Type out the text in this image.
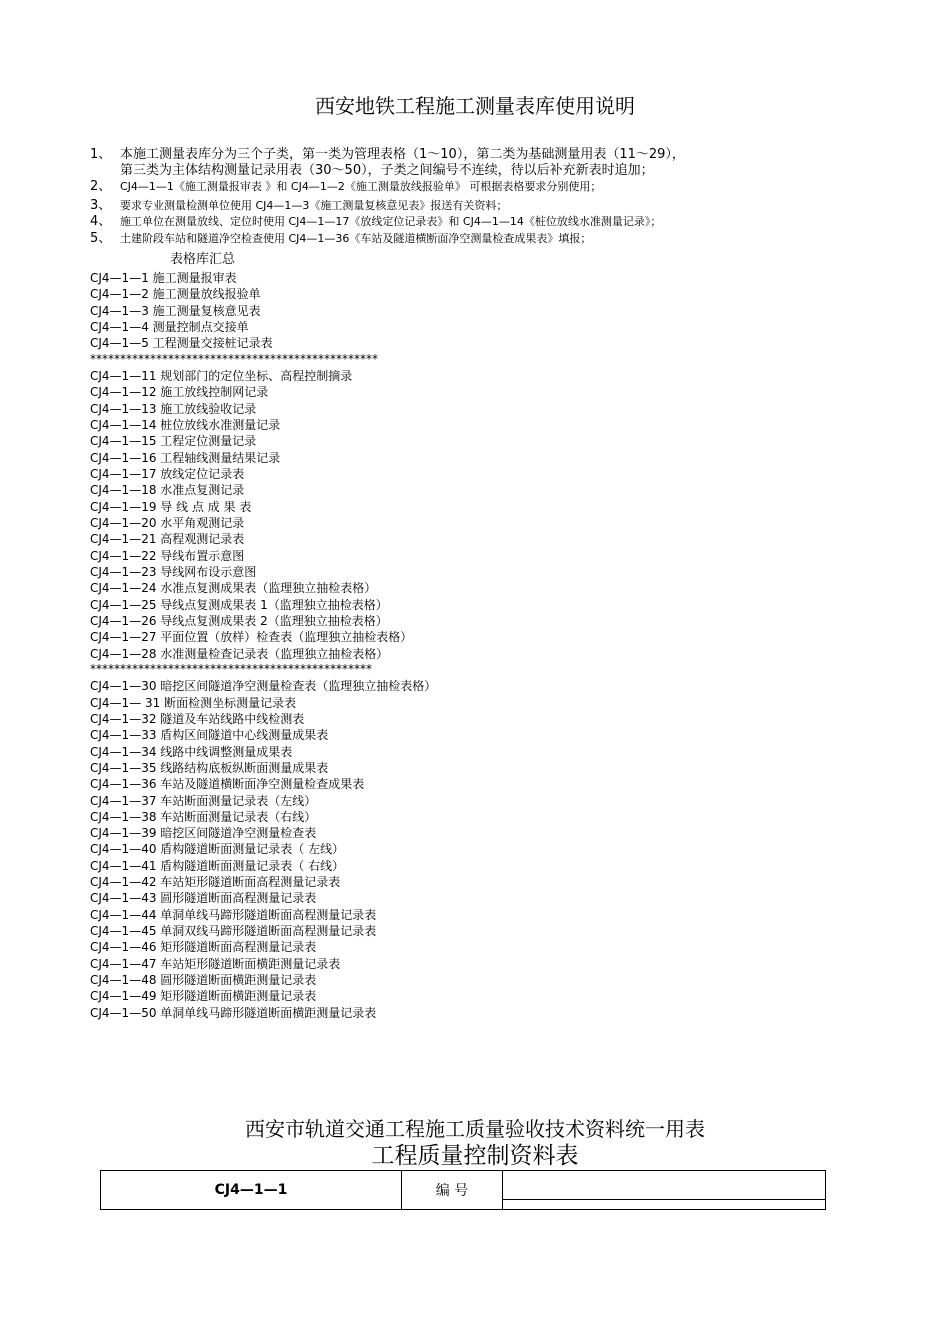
西安地铁工程施工测量表库使用说明
1、 本施工测量表库分为三个子类，第一类为管理表格（1～10），第二类为基础测量用表（11～29），
第三类为主体结构测量记录用表（30～50），子类之间编号不连续，待以后补充新表时追加；
2、 CJ4—1—1《施工测量报审表 》和 CJ4—1—2《施工测量放线报验单》 可根据表格要求分别使用；
3、 要求专业测量检测单位使用 CJ4—1—3《施工测量复核意见表》报送有关资料；
4、 施工单位在测量放线、定位时使用 CJ4—1—17《放线定位记录表》和 CJ4—1—14《桩位放线水准测量记录》；
5、 土建阶段车站和隧道净空检查使用 CJ4—1—36《车站及隧道横断面净空测量检查成果表》填报；
表格库汇总
CJ4—1—1 施工测量报审表
CJ4—1—2 施工测量放线报验单
CJ4—1—3 施工测量复核意见表
CJ4—1—4 测量控制点交接单
CJ4—1—5 工程测量交接桩记录表
************************************************
CJ4—1—11 规划部门的定位坐标、高程控制摘录
CJ4—1—12 施工放线控制网记录
CJ4—1—13 施工放线验收记录
CJ4—1—14 桩位放线水准测量记录
CJ4—1—15 工程定位测量记录
CJ4—1—16 工程轴线测量结果记录
CJ4—1—17 放线定位记录表
CJ4—1—18 水准点复测记录
CJ4—1—19 导 线 点 成 果 表
CJ4—1—20 水平角观测记录
CJ4—1—21 高程观测记录表
CJ4—1—22 导线布置示意图
CJ4—1—23 导线网布设示意图
CJ4—1—24 水准点复测成果表（监理独立抽检表格）
CJ4—1—25 导线点复测成果表 1（监理独立抽检表格）
CJ4—1—26 导线点复测成果表 2（监理独立抽检表格）
CJ4—1—27 平面位置（放样）检查表（监理独立抽检表格）
CJ4—1—28 水准测量检查记录表（监理独立抽检表格）
***********************************************
CJ4—1—30 暗挖区间隧道净空测量检查表（监理独立抽检表格）
CJ4—1— 31 断面检测坐标测量记录表
CJ4—1—32 隧道及车站线路中线检测表
CJ4—1—33 盾构区间隧道中心线测量成果表
CJ4—1—34 线路中线调整测量成果表
CJ4—1—35 线路结构底板纵断面测量成果表
CJ4—1—36 车站及隧道横断面净空测量检查成果表
CJ4—1—37 车站断面测量记录表（左线）
CJ4—1—38 车站断面测量记录表（右线）
CJ4—1—39 暗挖区间隧道净空测量检查表
CJ4—1—40 盾构隧道断面测量记录表（ 左线）
CJ4—1—41 盾构隧道断面测量记录表（ 右线）
CJ4—1—42 车站矩形隧道断面高程测量记录表
CJ4—1—43 圆形隧道断面高程测量记录表
CJ4—1—44 单洞单线马蹄形隧道断面高程测量记录表
CJ4—1—45 单洞双线马蹄形隧道断面高程测量记录表
CJ4—1—46 矩形隧道断面高程测量记录表
CJ4—1—47 车站矩形隧道断面横距测量记录表
CJ4—1—48 圆形隧道断面横距测量记录表
CJ4—1—49 矩形隧道断面横距测量记录表
CJ4—1—50 单洞单线马蹄形隧道断面横距测量记录表
西安市轨道交通工程施工质量验收技术资料统一用表
工程质量控制资料表
CJ4—1—1	编 号	
